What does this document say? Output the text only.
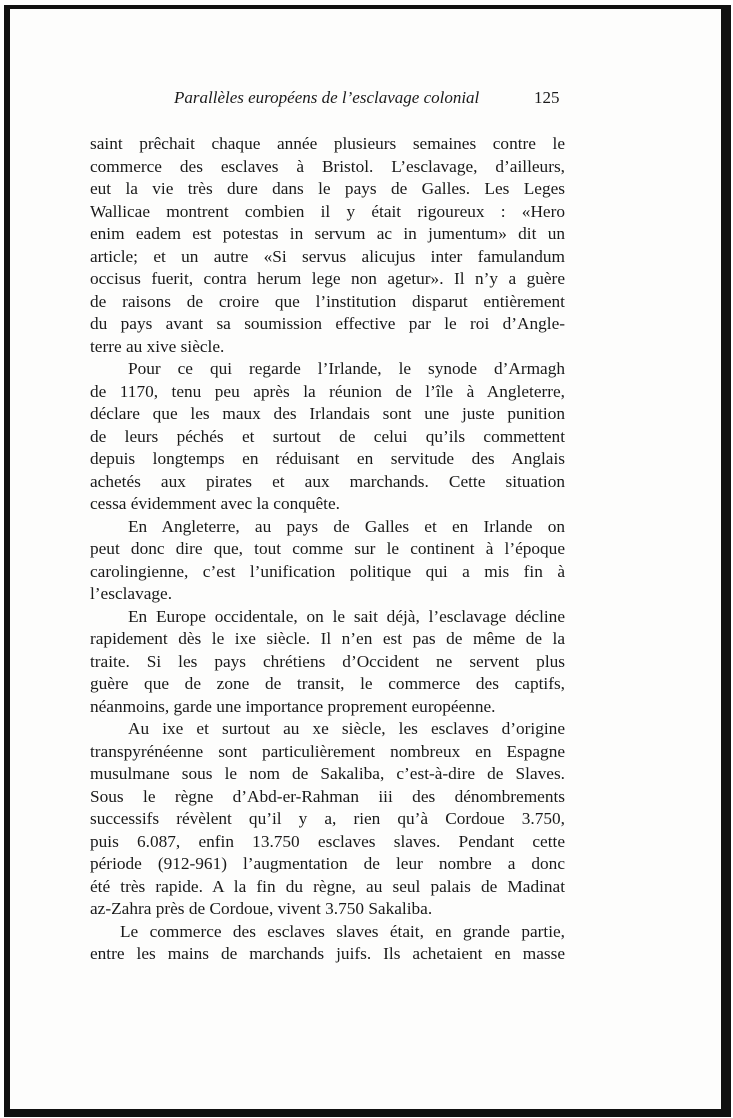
Parallèles européens de l’esclavage colonial	125
saint prêchait chaque année plusieurs semaines contre le
commerce des esclaves à Bristol. L’esclavage, d’ailleurs,
eut la vie très dure dans le pays de Galles. Les Leges
Wallicae montrent combien il y était rigoureux : «Hero
enim eadem est potestas in servum ac in jumentum» dit un
article; et un autre «Si servus alicujus inter famulandum
occisus fuerit, contra herum lege non agetur». Il n’y a guère
de raisons de croire que l’institution disparut entièrement
du pays avant sa soumission effective par le roi d’Angle-
terre au xive siècle.
Pour ce qui regarde l’Irlande, le synode d’Armagh
de 1170, tenu peu après la réunion de l’île à Angleterre,
déclare que les maux des Irlandais sont une juste punition
de leurs péchés et surtout de celui qu’ils commettent
depuis longtemps en réduisant en servitude des Anglais
achetés aux pirates et aux marchands. Cette situation
cessa évidemment avec la conquête.
En Angleterre, au pays de Galles et en Irlande on
peut donc dire que, tout comme sur le continent à l’époque
carolingienne, c’est l’unification politique qui a mis fin à
l’esclavage.
En Europe occidentale, on le sait déjà, l’esclavage décline
rapidement dès le ixe siècle. Il n’en est pas de même de la
traite. Si les pays chrétiens d’Occident ne servent plus
guère que de zone de transit, le commerce des captifs,
néanmoins, garde une importance proprement européenne.
Au ixe et surtout au xe siècle, les esclaves d’origine
transpyrénéenne sont particulièrement nombreux en Espagne
musulmane sous le nom de Sakaliba, c’est-à-dire de Slaves.
Sous le règne d’Abd-er-Rahman iii des dénombrements
successifs révèlent qu’il y a, rien qu’à Cordoue 3.750,
puis 6.087, enfin 13.750 esclaves slaves. Pendant cette
période (912-961) l’augmentation de leur nombre a donc
été très rapide. A la fin du règne, au seul palais de Madinat
az-Zahra près de Cordoue, vivent 3.750 Sakaliba.
Le commerce des esclaves slaves était, en grande partie,
entre les mains de marchands juifs. Ils achetaient en masse
